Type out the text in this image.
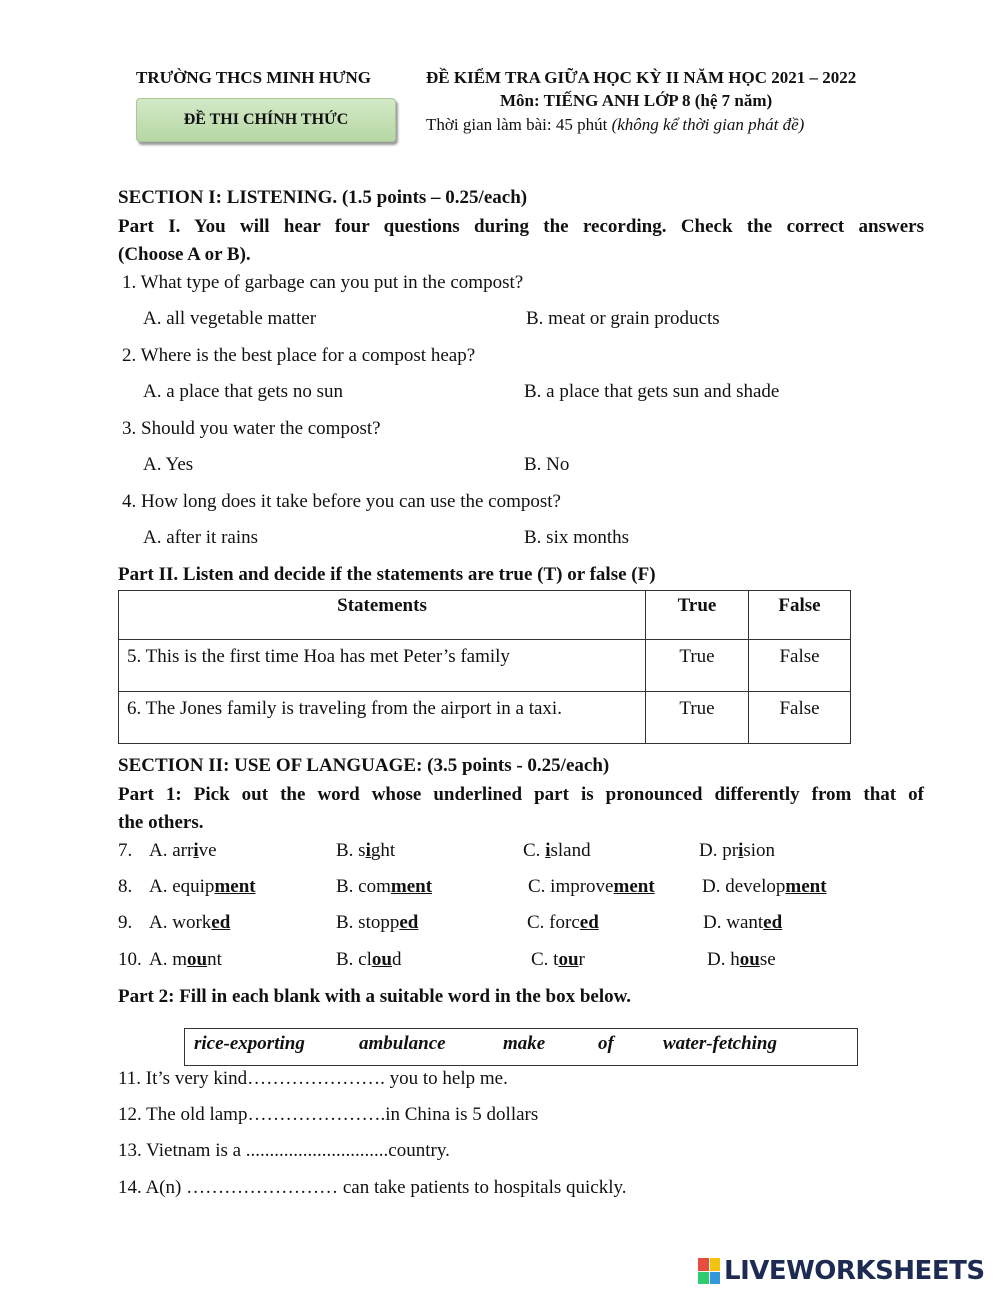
TRƯỜNG THCS MINH HƯNG	ĐỀ KIỂM TRA GIỮA HỌC KỲ II NĂM HỌC 2021 – 2022
Môn: TIẾNG ANH LỚP 8 (hệ 7 năm)
ĐỀ THI CHÍNH THỨC	Thời gian làm bài: 45 phút (không kể thời gian phát đề)
SECTION I: LISTENING. (1.5 points – 0.25/each)
Part I. You will hear four questions during the recording. Check the correct answers
(Choose A or B).
1. What type of garbage can you put in the compost?
A. all vegetable matter	B. meat or grain products
2. Where is the best place for a compost heap?
A. a place that gets no sun	B. a place that gets sun and shade
3. Should you water the compost?
A. Yes	B. No
4. How long does it take before you can use the compost?
A. after it rains	B. six months
Part II. Listen and decide if the statements are true (T) or false (F)
Statements	True	False
5. This is the first time Hoa has met Peter’s family	True	False
6. The Jones family is traveling from the airport in a taxi.	True	False
SECTION II: USE OF LANGUAGE: (3.5 points - 0.25/each)
Part 1: Pick out the word whose underlined part is pronounced differently from that of
the others.
7. A. arrive	B. sight	C. island	D. prision
8. A. equipment	B. comment	C. improvement D. development
9. A. worked	B. stopped	C. forced	D. wanted
10. A. mount	B. cloud	C. tour	D. house
Part 2: Fill in each blank with a suitable word in the box below.
rice-exporting	ambulance	make	of	water-fetching
11. It’s very kind…………………. you to help me.
12. The old lamp………………….in China is 5 dollars
13. Vietnam is a ..............................country.
14. A(n) …………………… can take patients to hospitals quickly.
LIVEWORKSHEETS
